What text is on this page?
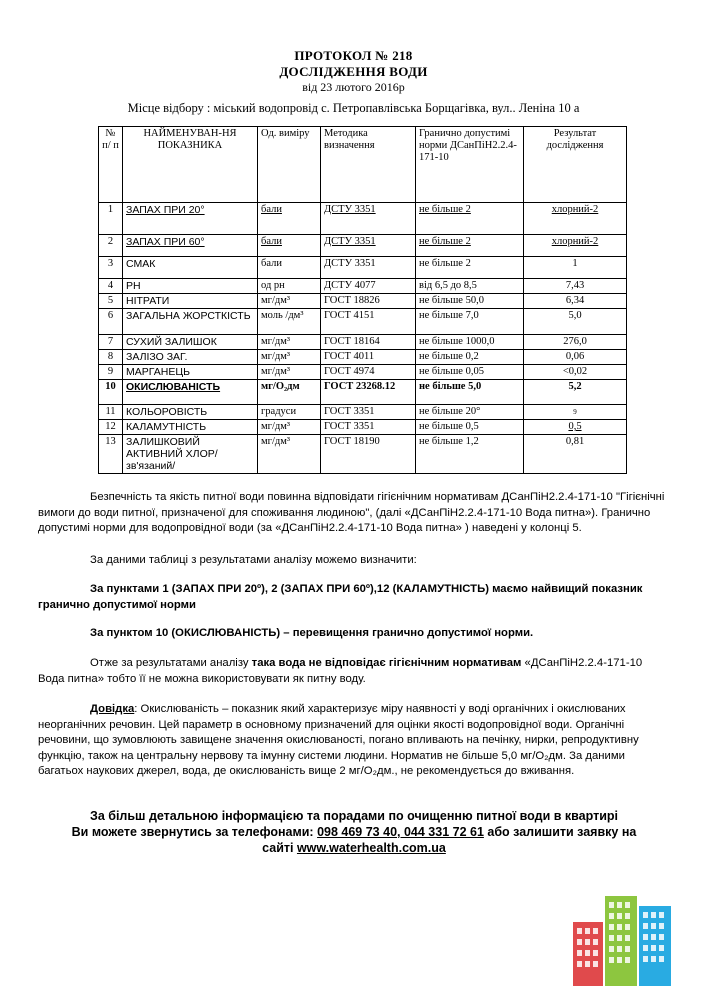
ПРОТОКОЛ № 218
ДОСЛІДЖЕННЯ ВОДИ
від 23 лютого 2016р
Місце відбору : міський водопровід с. Петропавлівська Борщагівка, вул.. Леніна 10 а
№ п/ п	НАЙМЕНУВАН-НЯ ПОКАЗНИКА	Од. виміру	Методика визначення	Гранично допустимі норми ДСанПіН2.2.4-171-10	Результат дослідження
1	ЗАПАХ ПРИ 20°	бали	ДСТУ 3351	не більше 2	хлорний-2
2	ЗАПАХ ПРИ 60°	бали	ДСТУ 3351	не більше 2	хлорний-2
3	СМАК	бали	ДСТУ 3351	не більше 2	1
4	РН	од рн	ДСТУ 4077	від 6,5 до 8,5	7,43
5	НІТРАТИ	мг/дм³	ГОСТ 18826	не більше 50,0	6,34
6	ЗАГАЛЬНА ЖОРСТКІСТЬ	моль /дм³	ГОСТ 4151	не більше 7,0	5,0
7	СУХИЙ ЗАЛИШОК	мг/дм³	ГОСТ 18164	не більше 1000,0	276,0
8	ЗАЛІЗО ЗАГ.	мг/дм³	ГОСТ 4011	не більше 0,2	0,06
9	МАРГАНЕЦЬ	мг/дм³	ГОСТ 4974	не більше 0,05	<0,02
10	ОКИСЛЮВАНІСТЬ	мг/О₂дм	ГОСТ 23268.12	не більше 5,0	5,2
11	КОЛЬОРОВІСТЬ	градуси	ГОСТ 3351	не більше 20°	9
12	КАЛАМУТНІСТЬ	мг/дм³	ГОСТ 3351	не більше 0,5	0,5
13	ЗАЛИШКОВИЙ АКТИВНИЙ ХЛОР/зв'язаний/	мг/дм³	ГОСТ 18190	не більше 1,2	0,81
Безпечність та якість питної води повинна відповідати гігієнічним нормативам ДСанПіН2.2.4-171-10 "Гігієнічні вимоги до води питної, призначеної для споживання людиною", (далі «ДСанПіН2.2.4-171-10 Вода питна»). Гранично допустимі норми для водопровідної води (за «ДСанПіН2.2.4-171-10 Вода питна» ) наведені у колонці 5.
За даними таблиці з результатами аналізу можемо визначити:
За пунктами 1 (ЗАПАХ ПРИ 20º), 2 (ЗАПАХ ПРИ 60º),12 (КАЛАМУТНІСТЬ) маємо найвищий показник гранично допустимої норми
За пунктом 10 (ОКИСЛЮВАНІСТЬ) – перевищення гранично допустимої норми.
Отже за результатами аналізу така вода не відповідає гігієнічним нормативам «ДСанПіН2.2.4-171-10 Вода питна» тобто її не можна використовувати як питну воду.
Довідка: Окислюваність – показник який характеризує міру наявності у воді органічних і окислюваних неорганічних речовин. Цей параметр в основному призначений для оцінки якості водопровідної води. Органічні речовини, що зумовлюють завищене значення окислюваності, погано впливають на печінку, нирки, репродуктивну функцію, також на центральну нервову та імунну системи людини. Норматив не більше 5,0 мг/О₂дм. За даними багатьох наукових джерел, вода, де окислюваність вище 2 мг/О₂дм., не рекомендується до вживання.
За більш детальною інформацією та порадами по очищенню питної води в квартирі
Ви можете звернутись за телефонами: 098 469 73 40, 044 331 72 61 або залишити заявку на
сайті www.waterhealth.com.ua
